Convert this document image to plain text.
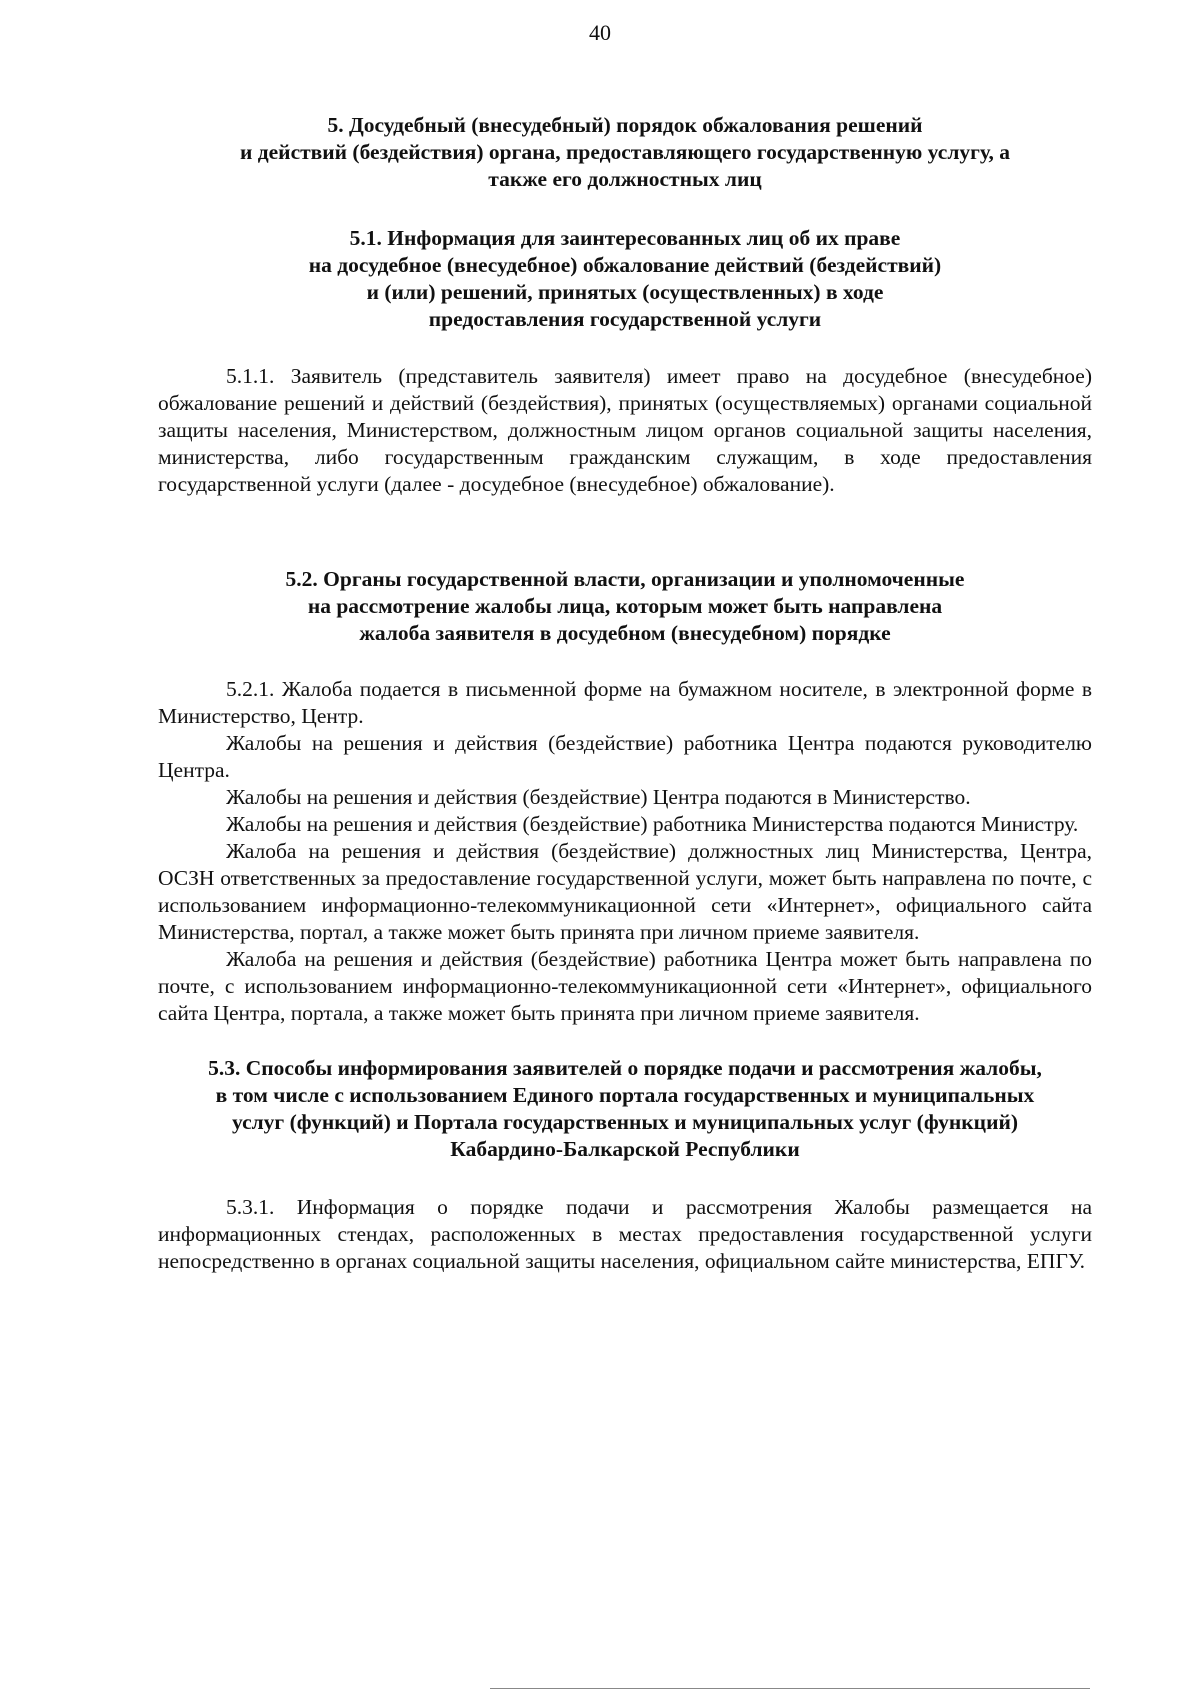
40
5. Досудебный (внесудебный) порядок обжалования решений
и действий (бездействия) органа, предоставляющего государственную услугу, а
также его должностных лиц
5.1. Информация для заинтересованных лиц об их праве
на досудебное (внесудебное) обжалование действий (бездействий)
и (или) решений, принятых (осуществленных) в ходе
предоставления государственной услуги

5.1.1. Заявитель (представитель заявителя) имеет право на досудебное (внесудебное) обжалование решений и действий (бездействия), принятых (осуществляемых) органами социальной защиты населения, Министерством, должностным лицом органов социальной защиты населения, министерства, либо государственным гражданским служащим, в ходе предоставления государственной услуги (далее - досудебное (внесудебное) обжалование).

5.2. Органы государственной власти, организации и уполномоченные
на рассмотрение жалобы лица, которым может быть направлена
жалоба заявителя в досудебном (внесудебном) порядке

5.2.1. Жалоба подается в письменной форме на бумажном носителе, в электронной форме в Министерство, Центр.

Жалобы на решения и действия (бездействие) работника Центра подаются руководителю Центра.

Жалобы на решения и действия (бездействие) Центра подаются в Министерство.

Жалобы на решения и действия (бездействие) работника Министерства подаются Министру.

Жалоба на решения и действия (бездействие) должностных лиц Министерства, Центра, ОСЗН ответственных за предоставление государственной услуги, может быть направлена по почте, с использованием информационно-телекоммуникационной сети «Интернет», официального сайта Министерства, портал, а также может быть принята при личном приеме заявителя.

Жалоба на решения и действия (бездействие) работника Центра может быть направлена по почте, с использованием информационно-телекоммуникационной сети «Интернет», официального сайта Центра, портала, а также может быть принята при личном приеме заявителя.

5.3. Способы информирования заявителей о порядке подачи и рассмотрения жалобы,
в том числе с использованием Единого портала государственных и муниципальных
услуг (функций) и Портала государственных и муниципальных услуг (функций)
Кабардино-Балкарской Республики

5.3.1. Информация о порядке подачи и рассмотрения Жалобы размещается на информационных стендах, расположенных в местах предоставления государственной услуги непосредственно в органах социальной защиты населения, официальном сайте министерства, ЕПГУ.
